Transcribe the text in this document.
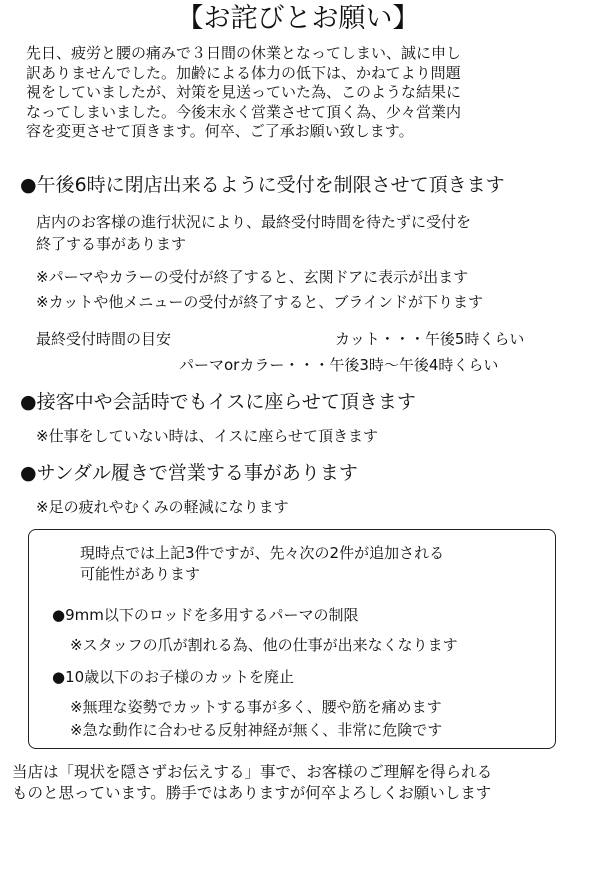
【お詫びとお願い】
先日、疲労と腰の痛みで３日間の休業となってしまい、誠に申し
訳ありませんでした。加齢による体力の低下は、かねてより問題
視をしていましたが、対策を見送っていた為、このような結果に
なってしまいました。今後末永く営業させて頂く為、少々営業内
容を変更させて頂きます。何卒、ご了承お願い致します。
●午後6時に閉店出来るように受付を制限させて頂きます
店内のお客様の進行状況により、最終受付時間を待たずに受付を
終了する事があります
※パーマやカラーの受付が終了すると、玄関ドアに表示が出ます
※カットや他メニューの受付が終了すると、ブラインドが下ります
最終受付時間の目安	カット・・・午後5時くらい
パーマorカラー・・・午後3時～午後4時くらい
●接客中や会話時でもイスに座らせて頂きます
※仕事をしていない時は、イスに座らせて頂きます
●サンダル履きで営業する事があります
※足の疲れやむくみの軽減になります
現時点では上記3件ですが、先々次の2件が追加される
可能性があります
●9mm以下のロッドを多用するパーマの制限
※スタッフの爪が割れる為、他の仕事が出来なくなります
●10歳以下のお子様のカットを廃止
※無理な姿勢でカットする事が多く、腰や筋を痛めます
※急な動作に合わせる反射神経が無く、非常に危険です
当店は「現状を隠さずお伝えする」事で、お客様のご理解を得られる
ものと思っています。勝手ではありますが何卒よろしくお願いします
